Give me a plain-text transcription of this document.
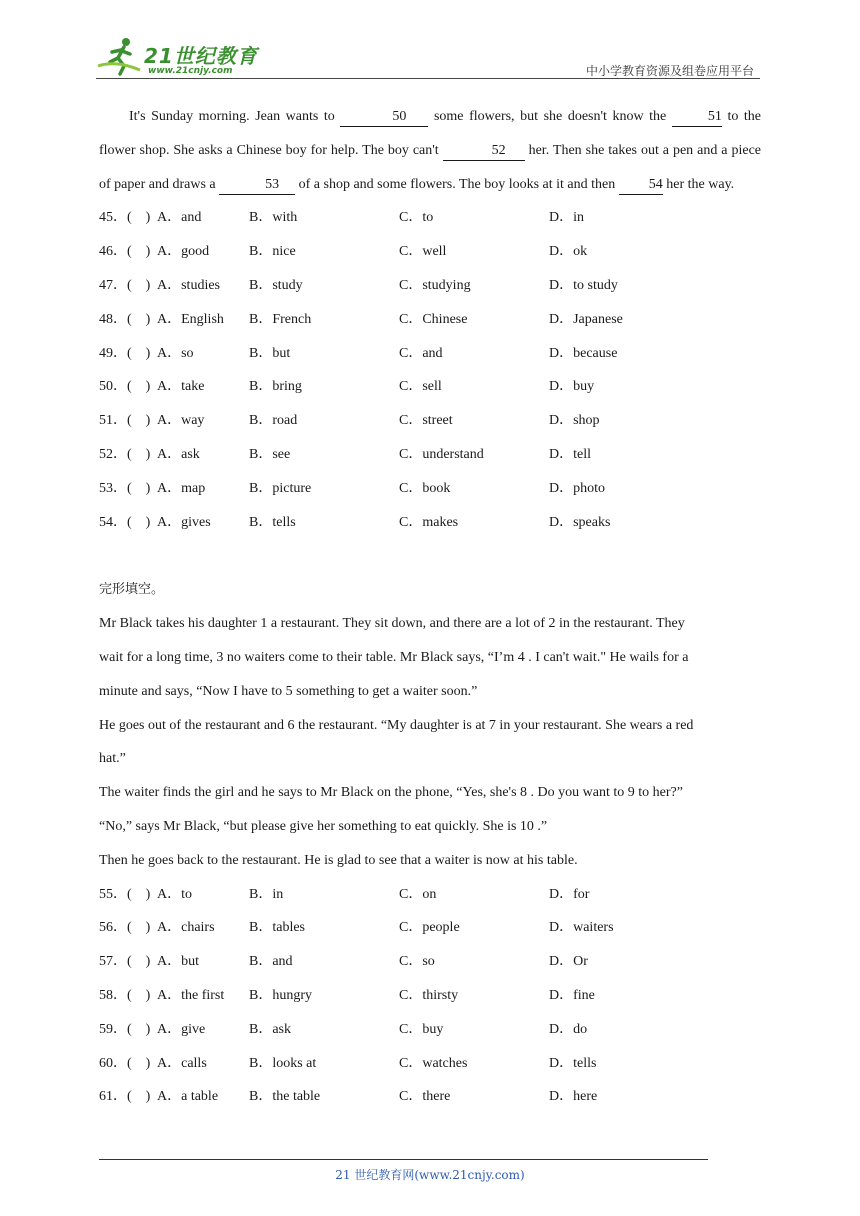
21世纪教育
www.21cnjy.com	中小学教育资源及组卷应用平台
It's Sunday morning. Jean wants to	50 some flowers, but she doesn't know the	51 to the flower shop. She asks a Chinese boy for help. The boy can't	52 her. Then she takes out a pen and a piece of paper and draws a	53 of a shop and some flowers. The boy looks at it and then 54 her the way.
45．(　) A．and	B．with	C．to	D．in
46．(　) A．good	B．nice	C．well	D．ok
47．(　) A．studies B．study	C．studying	D．to study
48．(　) A．English B．French	C．Chinese	D．Japanese
49．(　) A．so	B．but	C．and	D．because
50．(　) A．take	B．bring	C．sell	D．buy
51．(　) A．way	B．road	C．street	D．shop
52．(　) A．ask	B．see	C．understand	D．tell
53．(　) A．map	B．picture	C．book	D．photo
54．(　) A．gives	B．tells	C．makes	D．speaks
完形填空。
Mr Black takes his daughter 1 a restaurant. They sit down, and there are a lot of 2 in the restaurant. They
wait for a long time, 3 no waiters come to their table. Mr Black says, “I’m 4 . I can't wait." He wails for a
minute and says, “Now I have to 5 something to get a waiter soon.”
He goes out of the restaurant and 6 the restaurant. “My daughter is at 7 in your restaurant. She wears a red
hat.”
The waiter finds the girl and he says to Mr Black on the phone, “Yes, she's 8 . Do you want to 9 to her?”
“No,” says Mr Black, “but please give her something to eat quickly. She is 10 .”
Then he goes back to the restaurant. He is glad to see that a waiter is now at his table.
55．(　) A．to	B．in	C．on	D．for
56．(　) A．chairs B．tables	C．people	D．waiters
57．(　) A．but	B．and	C．so	D．Or
58．(　) A．the first B．hungry	C．thirsty	D．fine
59．(　) A．give	B．ask	C．buy	D．do
60．(　) A．calls	B．looks at	C．watches	D．tells
61．(　) A．a table B．the table	C．there	D．here
21 世纪教育网(www.21cnjy.com)
